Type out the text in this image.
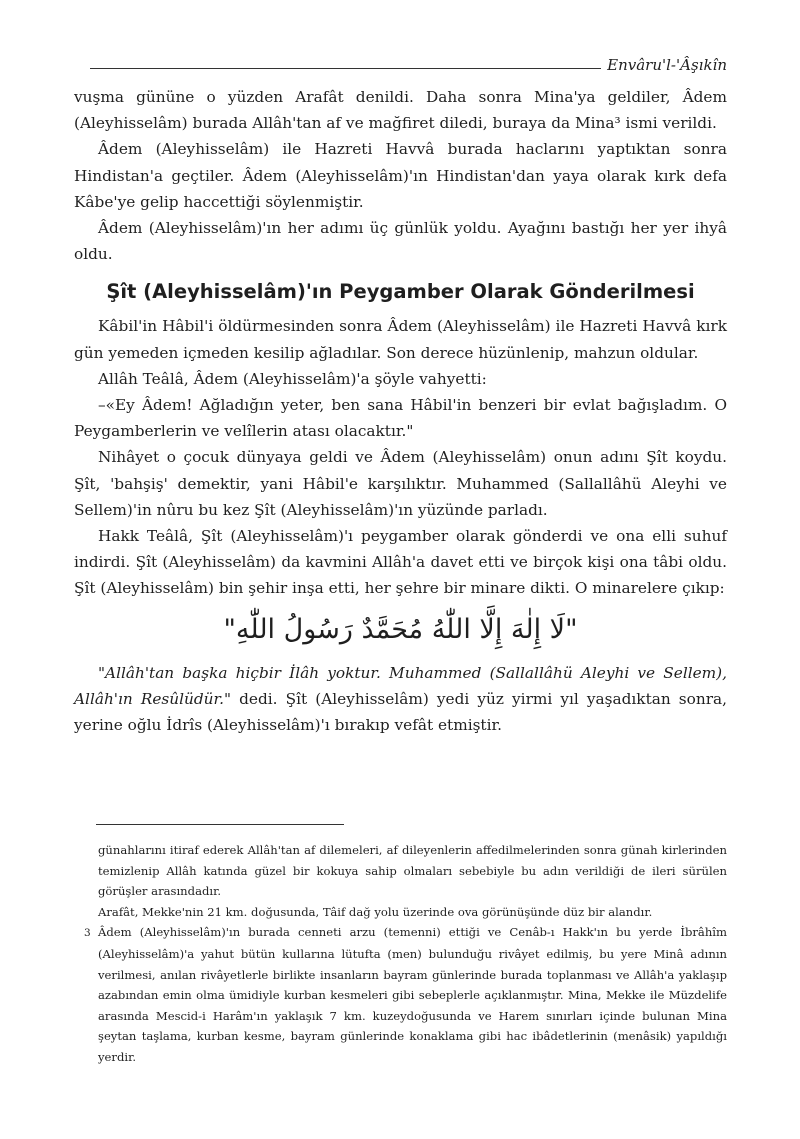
Envâru'l-'Âşıkîn

vuşma gününe o yüzden Arafât denildi. Daha sonra Mina'ya geldiler, Âdem (Aleyhisselâm) burada Allâh'tan af ve mağfiret diledi, buraya da Mina³ ismi verildi.

Âdem (Aleyhisselâm) ile Hazreti Havvâ burada haclarını yaptıktan sonra Hindistan'a geçtiler. Âdem (Aleyhisselâm)'ın Hindistan'dan yaya olarak kırk defa Kâbe'ye gelip haccettiği söylenmiştir.

Âdem (Aleyhisselâm)'ın her adımı üç günlük yoldu. Ayağını bastığı her yer ihyâ oldu.

Şît (Aleyhisselâm)'ın Peygamber Olarak Gönderilmesi

Kâbil'in Hâbil'i öldürmesinden sonra Âdem (Aleyhisselâm) ile Hazreti Havvâ kırk gün yemeden içmeden kesilip ağladılar. Son derece hüzünlenip, mahzun oldular.

Allâh Teâlâ, Âdem (Aleyhisselâm)'a şöyle vahyetti:

–«Ey Âdem! Ağladığın yeter, ben sana Hâbil'in benzeri bir evlat bağışladım. O Peygamberlerin ve velîlerin atası olacaktır."

Nihâyet o çocuk dünyaya geldi ve Âdem (Aleyhisselâm) onun adını Şît koydu. Şît, 'bahşiş' demektir, yani Hâbil'e karşılıktır. Muhammed (Sallallâhü Aleyhi ve Sellem)'in nûru bu kez Şît (Aleyhisselâm)'ın yüzünde parladı.

Hakk Teâlâ, Şît (Aleyhisselâm)'ı peygamber olarak gönderdi ve ona elli suhuf indirdi. Şît (Aleyhisselâm) da kavmini Allâh'a davet etti ve birçok kişi ona tâbi oldu. Şît (Aleyhisselâm) bin şehir inşa etti, her şehre bir minare dikti. O minarelere çıkıp:

"لَا إِلٰهَ إِلَّا اللّٰهُ مُحَمَّدٌ رَسُولُ اللّٰهِ"

"Allâh'tan başka hiçbir İlâh yoktur. Muhammed (Sallallâhü Aleyhi ve Sellem), Allâh'ın Resûlüdür." dedi. Şît (Aleyhisselâm) yedi yüz yirmi yıl yaşadıktan sonra, yerine oğlu İdrîs (Aleyhisselâm)'ı bırakıp vefât etmiştir.

günahlarını itiraf ederek Allâh'tan af dilemeleri, af dileyenlerin affedilmelerinden sonra günah kirlerinden temizlenip Allâh katında güzel bir kokuya sahip olmaları sebebiyle bu adın verildiği de ileri sürülen görüşler arasındadır.

Arafât, Mekke'nin 21 km. doğusunda, Tâif dağ yolu üzerinde ova görünüşünde düz bir alandır.

3 Âdem (Aleyhisselâm)'ın burada cenneti arzu (temenni) ettiği ve Cenâb-ı Hakk'ın bu yerde İbrâhîm (Aleyhisselâm)'a yahut bütün kullarına lütufta (men) bulunduğu rivâyet edilmiş, bu yere Minâ adının verilmesi, anılan rivâyetlerle birlikte insanların bayram günlerinde burada toplanması ve Allâh'a yaklaşıp azabından emin olma ümidiyle kurban kesmeleri gibi sebeplerle açıklanmıştır. Mina, Mekke ile Müzdelife arasında Mescid-i Harâm'ın yaklaşık 7 km. kuzeydoğusunda ve Harem sınırları içinde bulunan Mina şeytan taşlama, kurban kesme, bayram günlerinde konaklama gibi hac ibâdetlerinin (menâsik) yapıldığı yerdir.
